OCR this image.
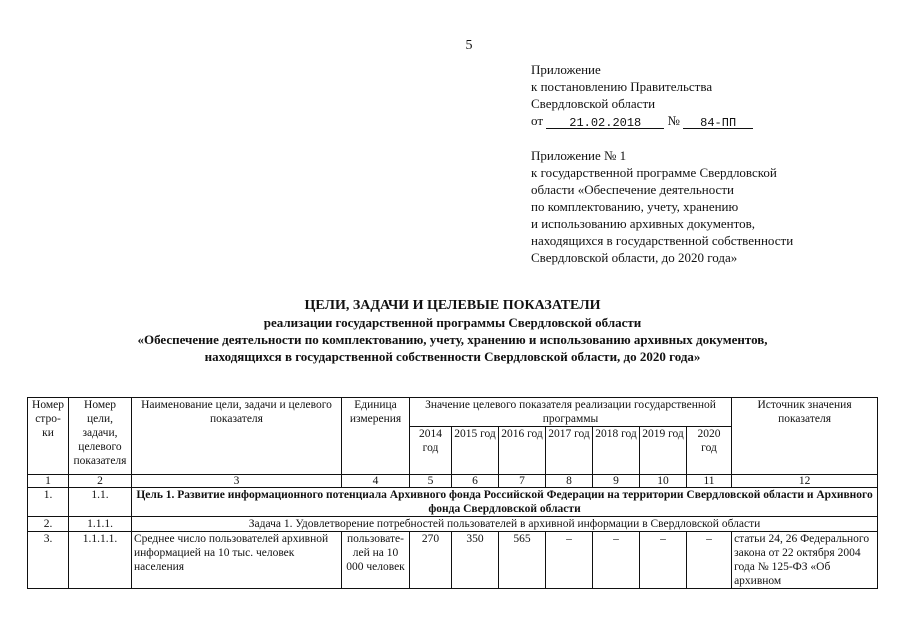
5
Приложение
к постановлению Правительства
Свердловской области
от 21.02.2018 № 84-ПП
Приложение № 1
к государственной программе Свердловской
области «Обеспечение деятельности
по комплектованию, учету, хранению
и использованию архивных документов,
находящихся в государственной собственности
Свердловской области, до 2020 года»
ЦЕЛИ, ЗАДАЧИ И ЦЕЛЕВЫЕ ПОКАЗАТЕЛИ
реализации государственной программы Свердловской области
«Обеспечение деятельности по комплектованию, учету, хранению и использованию архивных документов,
находящихся в государственной собственности Свердловской области, до 2020 года»
Номер стро-ки	Номер цели, задачи, целевого показателя	Наименование цели, задачи и целевого показателя	Единица измерения	Значение целевого показателя реализации государственной программы							Источник значения показателя
				2014 год	2015 год	2016 год	2017 год	2018 год	2019 год	2020 год	
1	2	3	4	5	6	7	8	9	10	11	12
1.	1.1.	Цель 1. Развитие информационного потенциала Архивного фонда Российской Федерации на территории Свердловской области и Архивного фонда Свердловской области									
2.	1.1.1.	Задача 1. Удовлетворение потребностей пользователей в архивной информации в Свердловской области									
3.	1.1.1.1.	Среднее число пользователей архивной информацией на 10 тыс. человек населения	пользовате-лей на 10 000 человек	270	350	565	–	–	–	–	статьи 24, 26 Федерального закона от 22 октября 2004 года № 125-ФЗ «Об архивном
